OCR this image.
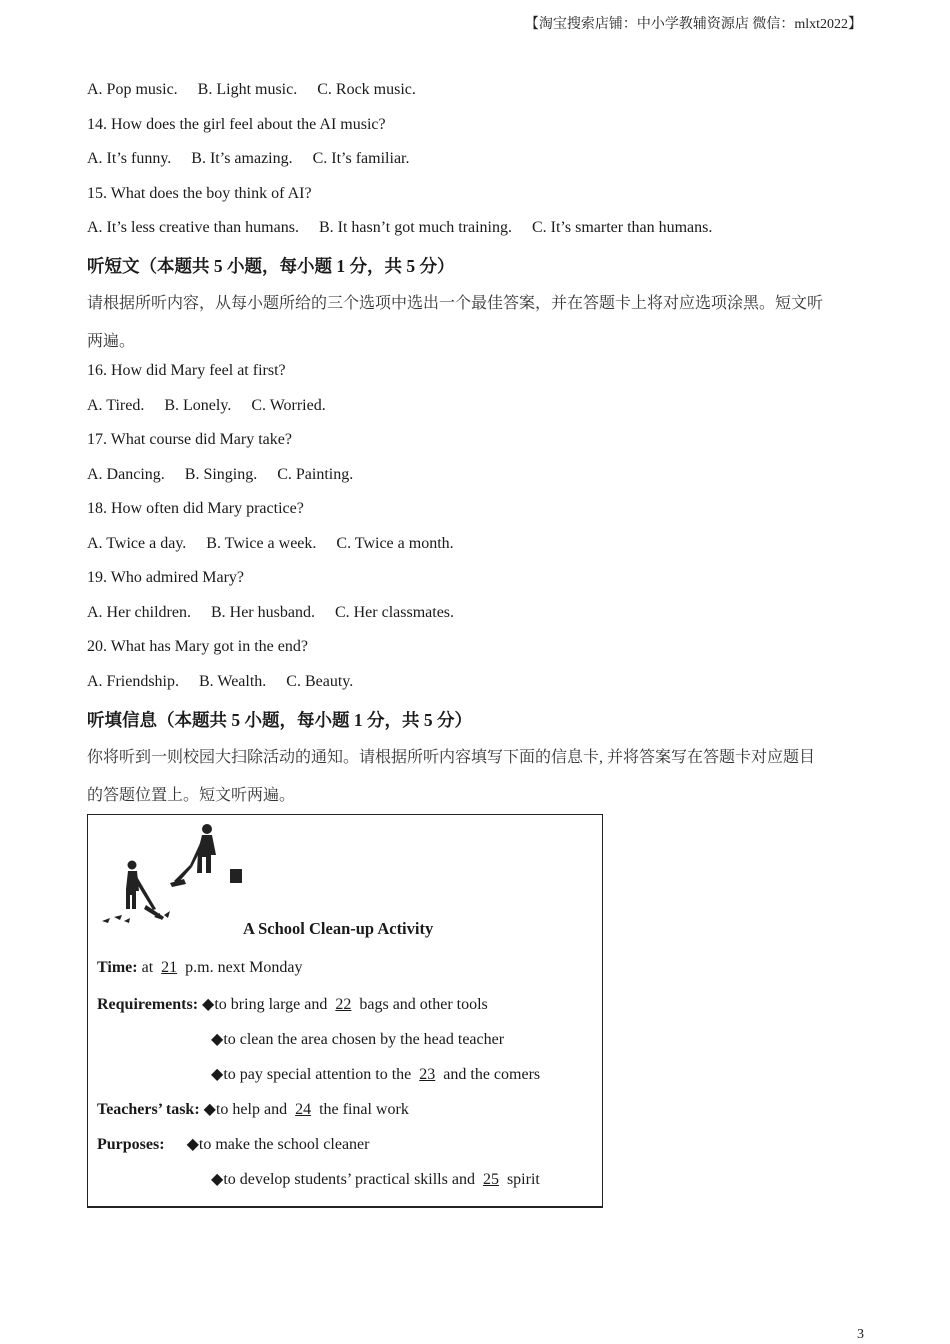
【淘宝搜索店铺：中小学教辅资源店 微信：mlxt2022】
A. Pop music. B. Light music. C. Rock music.
14. How does the girl feel about the AI music?
A. It’s funny. B. It’s amazing. C. It’s familiar.
15. What does the boy think of AI?
A. It’s less creative than humans. B. It hasn’t got much training. C. It’s smarter than humans.
听短文（本题共 5 小题，每小题 1 分，共 5 分）
请根据所听内容，从每小题所给的三个选项中选出一个最佳答案，并在答题卡上将对应选项涂黑。短文听
两遍。
16. How did Mary feel at first?
A. Tired. B. Lonely. C. Worried.
17. What course did Mary take?
A. Dancing. B. Singing. C. Painting.
18. How often did Mary practice?
A. Twice a day. B. Twice a week. C. Twice a month.
19. Who admired Mary?
A. Her children. B. Her husband. C. Her classmates.
20. What has Mary got in the end?
A. Friendship. B. Wealth. C. Beauty.
听填信息（本题共 5 小题，每小题 1 分，共 5 分）
你将听到一则校园大扫除活动的通知。请根据所听内容填写下面的信息卡, 并将答案写在答题卡对应题目
的答题位置上。短文听两遍。
A School Clean-up Activity
Time: at 21 p.m. next Monday
Requirements: ◆to bring large and 22 bags and other tools
◆to clean the area chosen by the head teacher
◆to pay special attention to the 23 and the comers
Teachers’ task: ◆to help and 24 the final work
Purposes: ◆to make the school cleaner
◆to develop students’ practical skills and 25 spirit
3
